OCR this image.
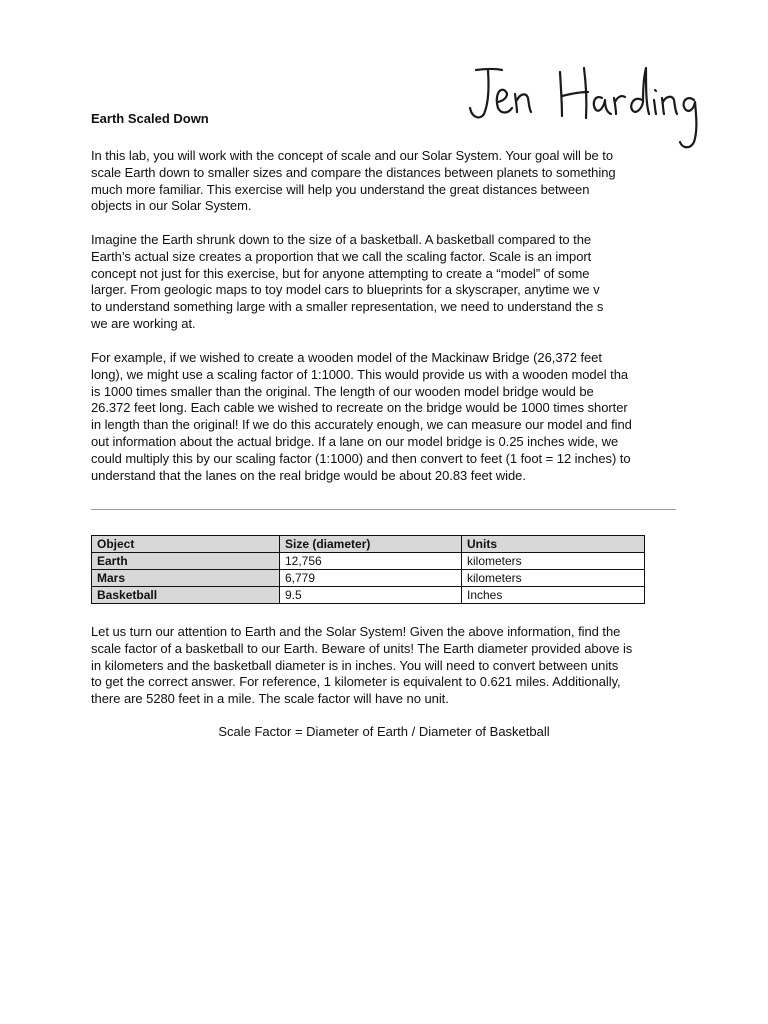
Earth Scaled Down
In this lab, you will work with the concept of scale and our Solar System. Your goal will be to
scale Earth down to smaller sizes and compare the distances between planets to something
much more familiar. This exercise will help you understand the great distances between
objects in our Solar System.
Imagine the Earth shrunk down to the size of a basketball. A basketball compared to the
Earth’s actual size creates a proportion that we call the scaling factor. Scale is an import
concept not just for this exercise, but for anyone attempting to create a “model” of some
larger. From geologic maps to toy model cars to blueprints for a skyscraper, anytime we v
to understand something large with a smaller representation, we need to understand the s
we are working at.
For example, if we wished to create a wooden model of the Mackinaw Bridge (26,372 feet
long), we might use a scaling factor of 1:1000. This would provide us with a wooden model tha
is 1000 times smaller than the original. The length of our wooden model bridge would be
26.372 feet long. Each cable we wished to recreate on the bridge would be 1000 times shorter
in length than the original! If we do this accurately enough, we can measure our model and find
out information about the actual bridge. If a lane on our model bridge is 0.25 inches wide, we
could multiply this by our scaling factor (1:1000) and then convert to feet (1 foot = 12 inches) to
understand that the lanes on the real bridge would be about 20.83 feet wide.
Object	Size (diameter)	Units
Earth	12,756	kilometers
Mars	6,779	kilometers
Basketball	9.5	Inches
Let us turn our attention to Earth and the Solar System! Given the above information, find the
scale factor of a basketball to our Earth. Beware of units! The Earth diameter provided above is
in kilometers and the basketball diameter is in inches. You will need to convert between units
to get the correct answer. For reference, 1 kilometer is equivalent to 0.621 miles. Additionally,
there are 5280 feet in a mile. The scale factor will have no unit.
Scale Factor = Diameter of Earth / Diameter of Basketball
